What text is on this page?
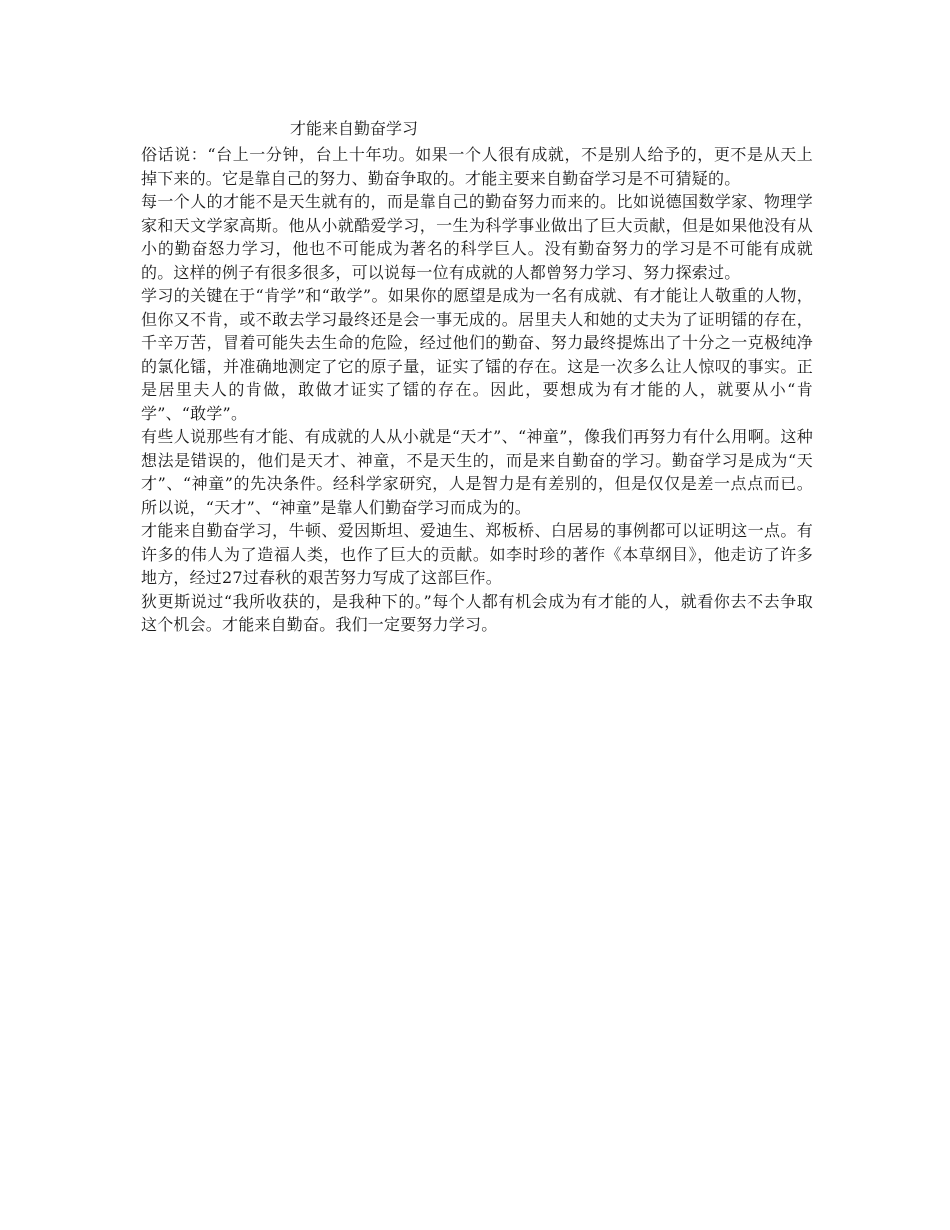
才能来自勤奋学习

俗话说：“台上一分钟，台上十年功。如果一个人很有成就，不是别人给予的，更不是从天上掉下来的。它是靠自己的努力、勤奋争取的。才能主要来自勤奋学习是不可猜疑的。

每一个人的才能不是天生就有的，而是靠自己的勤奋努力而来的。比如说德国数学家、物理学家和天文学家高斯。他从小就酷爱学习，一生为科学事业做出了巨大贡献，但是如果他没有从小的勤奋怒力学习，他也不可能成为著名的科学巨人。没有勤奋努力的学习是不可能有成就的。这样的例子有很多很多，可以说每一位有成就的人都曾努力学习、努力探索过。

学习的关键在于“肯学”和“敢学”。如果你的愿望是成为一名有成就、有才能让人敬重的人物，但你又不肯，或不敢去学习最终还是会一事无成的。居里夫人和她的丈夫为了证明镭的存在，千辛万苦，冒着可能失去生命的危险，经过他们的勤奋、努力最终提炼出了十分之一克极纯净的氯化镭，并准确地测定了它的原子量，证实了镭的存在。这是一次多么让人惊叹的事实。正是居里夫人的肯做，敢做才证实了镭的存在。因此，要想成为有才能的人，就要从小“肯学”、“敢学”。

有些人说那些有才能、有成就的人从小就是“天才”、“神童”，像我们再努力有什么用啊。这种想法是错误的，他们是天才、神童，不是天生的，而是来自勤奋的学习。勤奋学习是成为“天才”、“神童”的先决条件。经科学家研究，人是智力是有差别的，但是仅仅是差一点点而已。所以说，“天才”、“神童”是靠人们勤奋学习而成为的。

才能来自勤奋学习，牛顿、爱因斯坦、爱迪生、郑板桥、白居易的事例都可以证明这一点。有许多的伟人为了造福人类，也作了巨大的贡献。如李时珍的著作《本草纲目》，他走访了许多地方，经过27过春秋的艰苦努力写成了这部巨作。

狄更斯说过“我所收获的，是我种下的。”每个人都有机会成为有才能的人，就看你去不去争取这个机会。才能来自勤奋。我们一定要努力学习。
